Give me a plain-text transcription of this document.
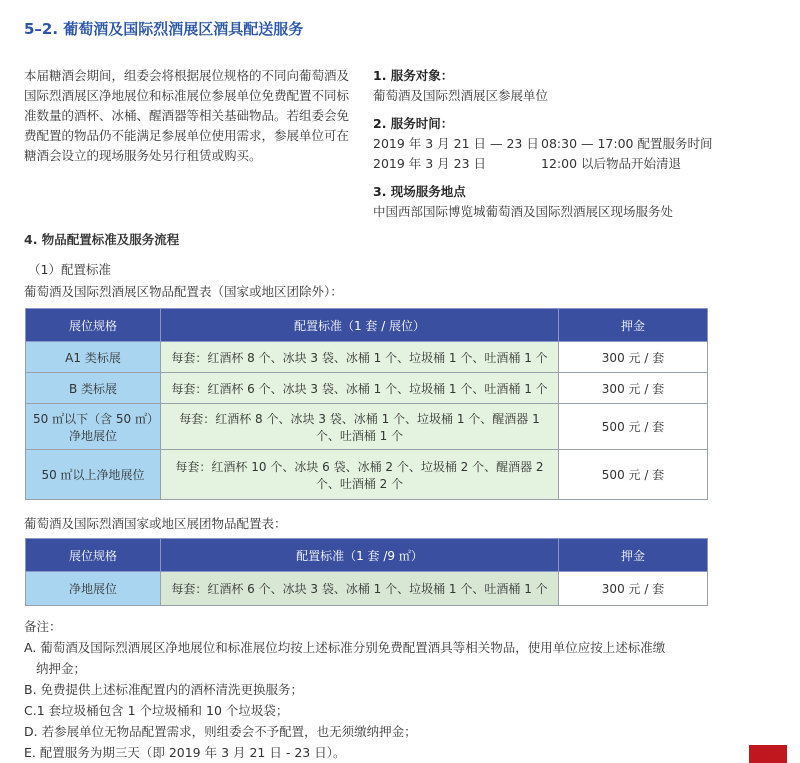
5–2. 葡萄酒及国际烈酒展区酒具配送服务
本届糖酒会期间，组委会将根据展位规格的不同向葡萄酒及国际烈酒展区净地展位和标准展位参展单位免费配置不同标准数量的酒杯、冰桶、醒酒器等相关基础物品。若组委会免费配置的物品仍不能满足参展单位使用需求，参展单位可在糖酒会设立的现场服务处另行租赁或购买。
1. 服务对象：
葡萄酒及国际烈酒展区参展单位
2. 服务时间：
2019 年 3 月 21 日 — 23 日 08:30 — 17:00 配置服务时间
2019 年 3 月 23 日	12:00 以后物品开始清退
3. 现场服务地点
中国西部国际博览城葡萄酒及国际烈酒展区现场服务处
4. 物品配置标准及服务流程
（1）配置标准
葡萄酒及国际烈酒展区物品配置表（国家或地区团除外）：
展位规格	配置标准（1 套 / 展位）	押金
A1 类标展	每套：红酒杯 8 个、冰块 3 袋、冰桶 1 个、垃圾桶 1 个、吐酒桶 1 个	300 元 / 套
B 类标展	每套：红酒杯 6 个、冰块 3 袋、冰桶 1 个、垃圾桶 1 个、吐酒桶 1 个	300 元 / 套
50 ㎡以下（含 50 ㎡）净地展位	每套：红酒杯 8 个、冰块 3 袋、冰桶 1 个、垃圾桶 1 个、醒酒器 1 个、吐酒桶 1 个	500 元 / 套
50 ㎡以上净地展位	每套：红酒杯 10 个、冰块 6 袋、冰桶 2 个、垃圾桶 2 个、醒酒器 2 个、吐酒桶 2 个	500 元 / 套
葡萄酒及国际烈酒国家或地区展团物品配置表：
展位规格	配置标准（1 套 /9 ㎡）	押金
净地展位	每套：红酒杯 6 个、冰块 3 袋、冰桶 1 个、垃圾桶 1 个、吐酒桶 1 个	300 元 / 套
备注：
A. 葡萄酒及国际烈酒展区净地展位和标准展位均按上述标准分别免费配置酒具等相关物品，使用单位应按上述标准缴
纳押金；
B. 免费提供上述标准配置内的酒杯清洗更换服务；
C.1 套垃圾桶包含 1 个垃圾桶和 10 个垃圾袋；
D. 若参展单位无物品配置需求，则组委会不予配置，也无须缴纳押金；
E. 配置服务为期三天（即 2019 年 3 月 21 日 - 23 日）。
